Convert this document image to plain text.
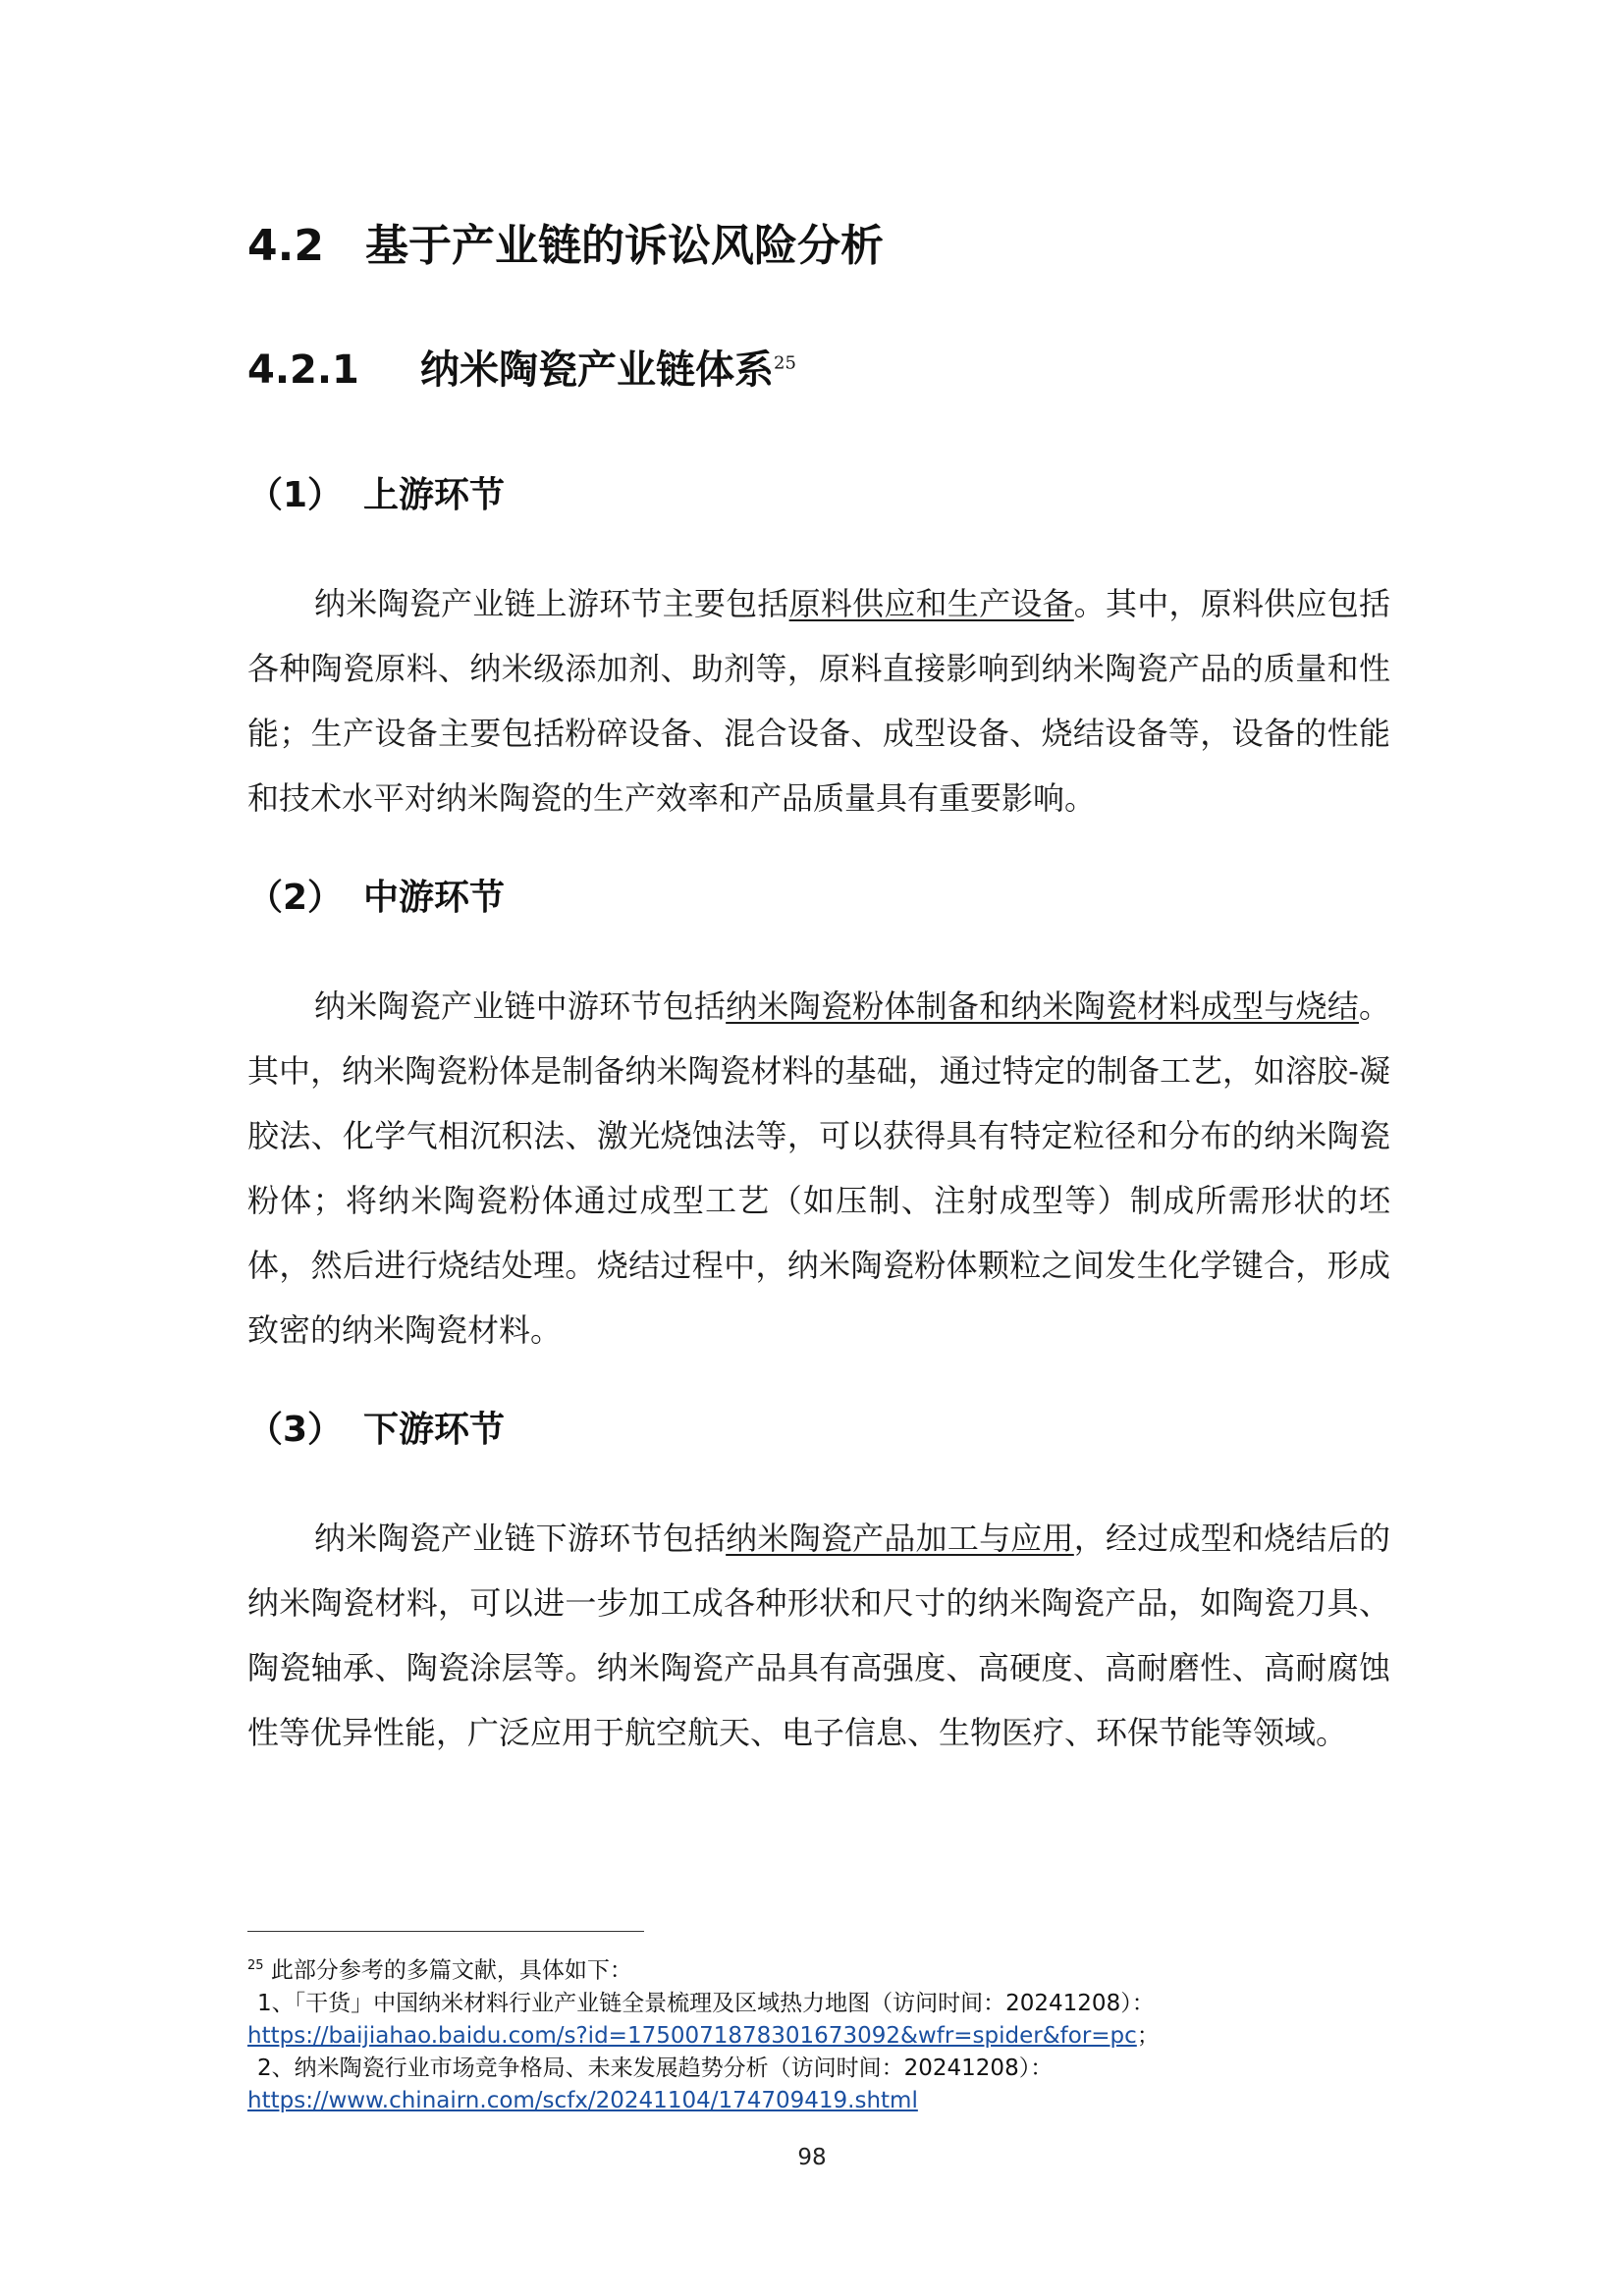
4.2 基于产业链的诉讼风险分析
4.2.1 纳米陶瓷产业链体系$^{25}$
（1） 上游环节

纳米陶瓷产业链上游环节主要包括原料供应和生产设备。其中，原料供应包括各种陶瓷原料、纳米级添加剂、助剂等，原料直接影响到纳米陶瓷产品的质量和性能；生产设备主要包括粉碎设备、混合设备、成型设备、烧结设备等，设备的性能和技术水平对纳米陶瓷的生产效率和产品质量具有重要影响。

（2） 中游环节

纳米陶瓷产业链中游环节包括纳米陶瓷粉体制备和纳米陶瓷材料成型与烧结。其中，纳米陶瓷粉体是制备纳米陶瓷材料的基础，通过特定的制备工艺，如溶胶-凝胶法、化学气相沉积法、激光烧蚀法等，可以获得具有特定粒径和分布的纳米陶瓷粉体；将纳米陶瓷粉体通过成型工艺（如压制、注射成型等）制成所需形状的坯体，然后进行烧结处理。烧结过程中，纳米陶瓷粉体颗粒之间发生化学键合，形成致密的纳米陶瓷材料。

（3） 下游环节

纳米陶瓷产业链下游环节包括纳米陶瓷产品加工与应用，经过成型和烧结后的纳米陶瓷材料，可以进一步加工成各种形状和尺寸的纳米陶瓷产品，如陶瓷刀具、陶瓷轴承、陶瓷涂层等。纳米陶瓷产品具有高强度、高硬度、高耐磨性、高耐腐蚀性等优异性能，广泛应用于航空航天、电子信息、生物医疗、环保节能等领域。

$^{25}$ 此部分参考的多篇文献，具体如下：
1、「干货」中国纳米材料行业产业链全景梳理及区域热力地图（访问时间：20241208）：
https://baijiahao.baidu.com/s?id=1750071878301673092&wfr=spider&for=pc；
2、纳米陶瓷行业市场竞争格局、未来发展趋势分析（访问时间：20241208）：
https://www.chinairn.com/scfx/20241104/174709419.shtml
98
